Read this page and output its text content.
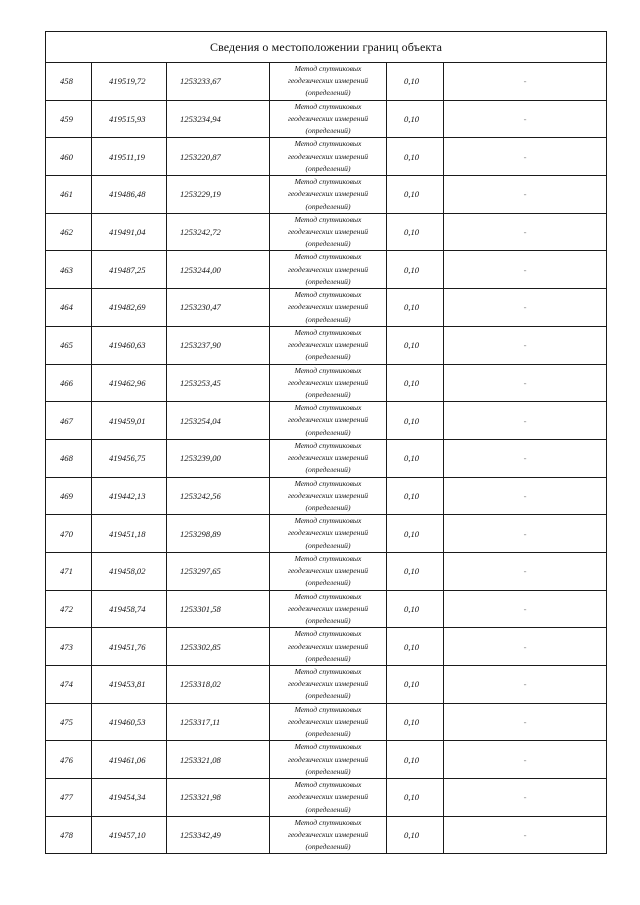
Сведения о местоположении границ объекта					
458	419519,72	1253233,67	Метод спутниковых
геодезических измерений
(определений)	0,10	-
459	419515,93	1253234,94	Метод спутниковых
геодезических измерений
(определений)	0,10	-
460	419511,19	1253220,87	Метод спутниковых
геодезических измерений
(определений)	0,10	-
461	419486,48	1253229,19	Метод спутниковых
геодезических измерений
(определений)	0,10	-
462	419491,04	1253242,72	Метод спутниковых
геодезических измерений
(определений)	0,10	-
463	419487,25	1253244,00	Метод спутниковых
геодезических измерений
(определений)	0,10	-
464	419482,69	1253230,47	Метод спутниковых
геодезических измерений
(определений)	0,10	-
465	419460,63	1253237,90	Метод спутниковых
геодезических измерений
(определений)	0,10	-
466	419462,96	1253253,45	Метод спутниковых
геодезических измерений
(определений)	0,10	-
467	419459,01	1253254,04	Метод спутниковых
геодезических измерений
(определений)	0,10	-
468	419456,75	1253239,00	Метод спутниковых
геодезических измерений
(определений)	0,10	-
469	419442,13	1253242,56	Метод спутниковых
геодезических измерений
(определений)	0,10	-
470	419451,18	1253298,89	Метод спутниковых
геодезических измерений
(определений)	0,10	-
471	419458,02	1253297,65	Метод спутниковых
геодезических измерений
(определений)	0,10	-
472	419458,74	1253301,58	Метод спутниковых
геодезических измерений
(определений)	0,10	-
473	419451,76	1253302,85	Метод спутниковых
геодезических измерений
(определений)	0,10	-
474	419453,81	1253318,02	Метод спутниковых
геодезических измерений
(определений)	0,10	-
475	419460,53	1253317,11	Метод спутниковых
геодезических измерений
(определений)	0,10	-
476	419461,06	1253321,08	Метод спутниковых
геодезических измерений
(определений)	0,10	-
477	419454,34	1253321,98	Метод спутниковых
геодезических измерений
(определений)	0,10	-
478	419457,10	1253342,49	Метод спутниковых
геодезических измерений
(определений)	0,10	-
